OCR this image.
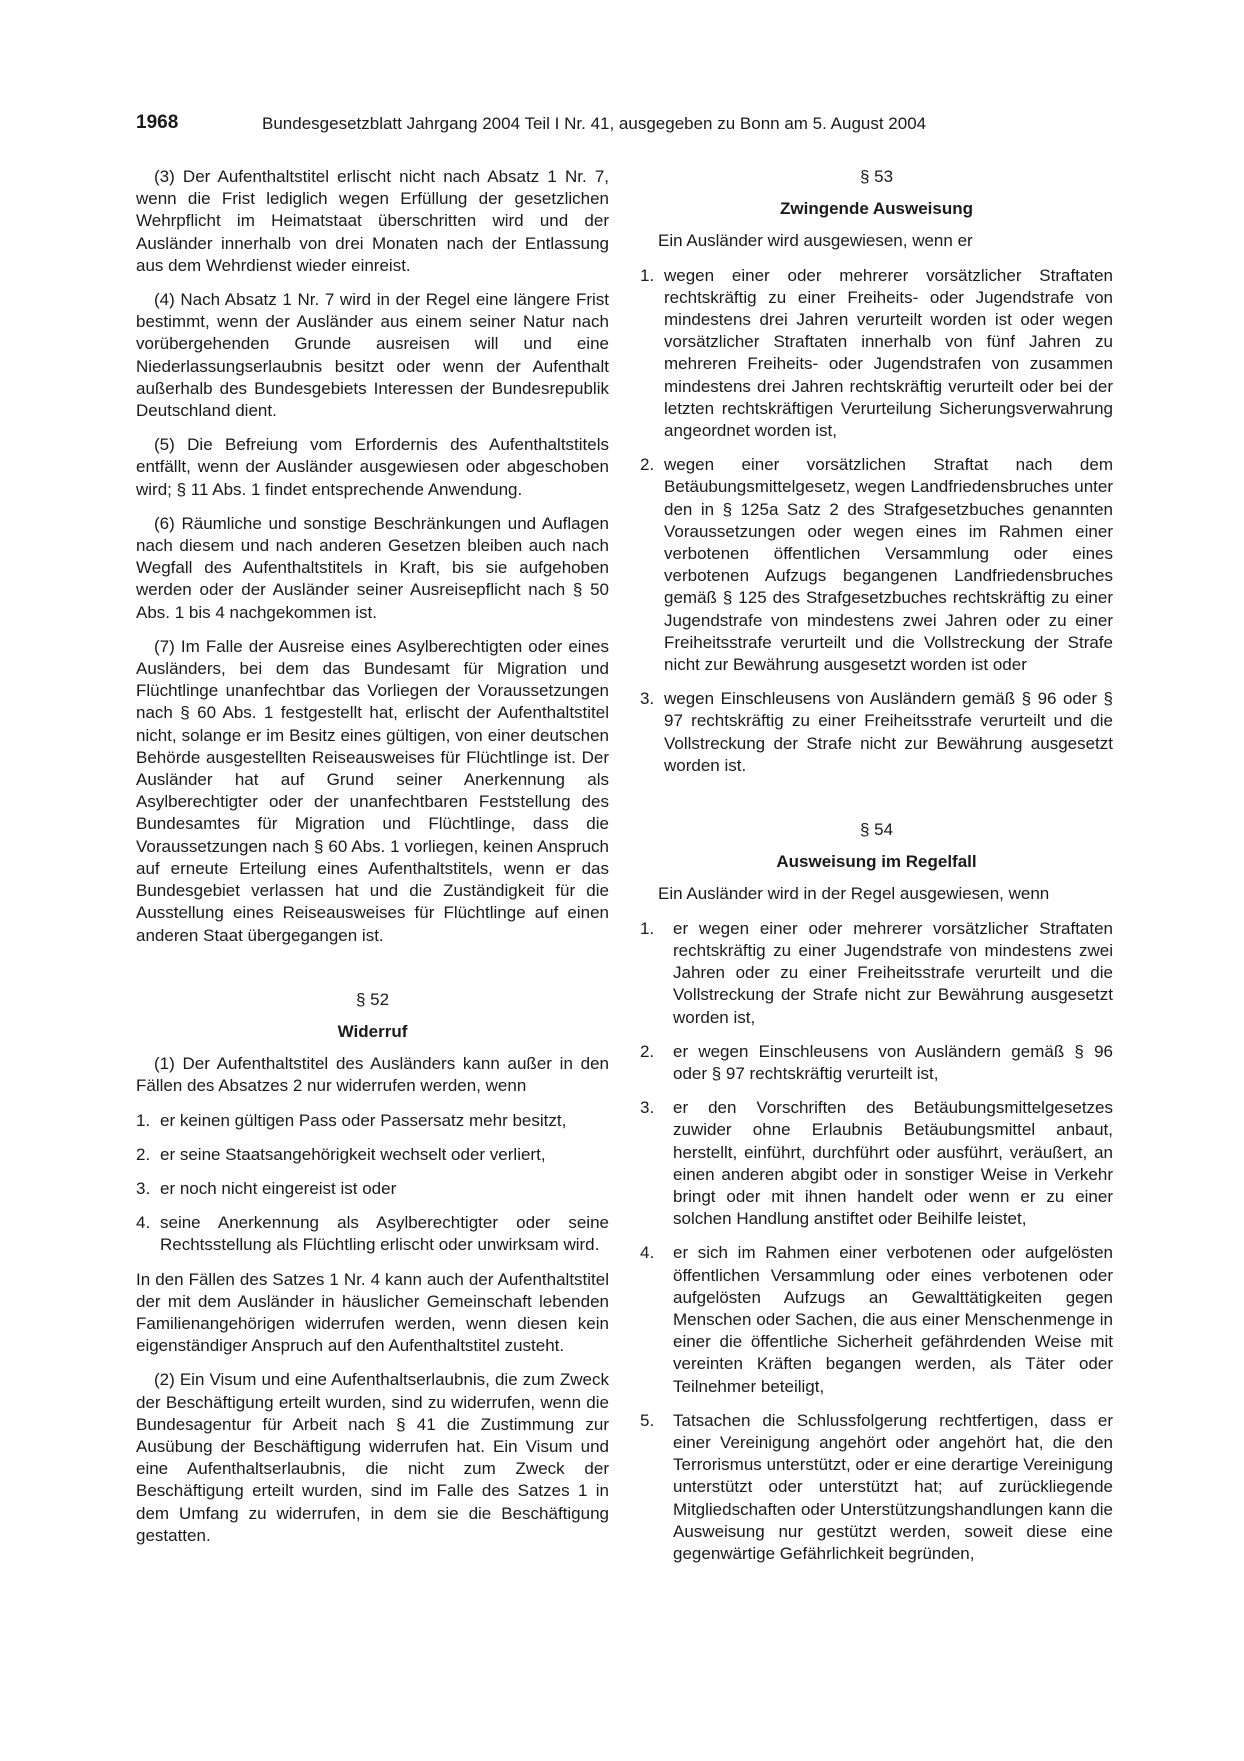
1968	Bundesgesetzblatt Jahrgang 2004 Teil I Nr. 41, ausgegeben zu Bonn am 5. August 2004

(3) Der Aufenthaltstitel erlischt nicht nach Absatz 1 Nr. 7, wenn die Frist lediglich wegen Erfüllung der gesetzlichen Wehrpflicht im Heimatstaat überschritten wird und der Ausländer innerhalb von drei Monaten nach der Entlassung aus dem Wehrdienst wieder einreist.

(4) Nach Absatz 1 Nr. 7 wird in der Regel eine längere Frist bestimmt, wenn der Ausländer aus einem seiner Natur nach vorübergehenden Grunde ausreisen will und eine Niederlassungserlaubnis besitzt oder wenn der Aufenthalt außerhalb des Bundesgebiets Interessen der Bundesrepublik Deutschland dient.

(5) Die Befreiung vom Erfordernis des Aufenthaltstitels entfällt, wenn der Ausländer ausgewiesen oder abgeschoben wird; § 11 Abs. 1 findet entsprechende Anwendung.

(6) Räumliche und sonstige Beschränkungen und Auflagen nach diesem und nach anderen Gesetzen bleiben auch nach Wegfall des Aufenthaltstitels in Kraft, bis sie aufgehoben werden oder der Ausländer seiner Ausreisepflicht nach § 50 Abs. 1 bis 4 nachgekommen ist.

(7) Im Falle der Ausreise eines Asylberechtigten oder eines Ausländers, bei dem das Bundesamt für Migration und Flüchtlinge unanfechtbar das Vorliegen der Voraussetzungen nach § 60 Abs. 1 festgestellt hat, erlischt der Aufenthaltstitel nicht, solange er im Besitz eines gültigen, von einer deutschen Behörde ausgestellten Reiseausweises für Flüchtlinge ist. Der Ausländer hat auf Grund seiner Anerkennung als Asylberechtigter oder der unanfechtbaren Feststellung des Bundesamtes für Migration und Flüchtlinge, dass die Voraussetzungen nach § 60 Abs. 1 vorliegen, keinen Anspruch auf erneute Erteilung eines Aufenthaltstitels, wenn er das Bundesgebiet verlassen hat und die Zuständigkeit für die Ausstellung eines Reiseausweises für Flüchtlinge auf einen anderen Staat übergegangen ist.

§ 52
Widerruf

(1) Der Aufenthaltstitel des Ausländers kann außer in den Fällen des Absatzes 2 nur widerrufen werden, wenn

1. er keinen gültigen Pass oder Passersatz mehr besitzt,
2. er seine Staatsangehörigkeit wechselt oder verliert,
3. er noch nicht eingereist ist oder
4. seine Anerkennung als Asylberechtigter oder seine Rechtsstellung als Flüchtling erlischt oder unwirksam wird.

In den Fällen des Satzes 1 Nr. 4 kann auch der Aufenthaltstitel der mit dem Ausländer in häuslicher Gemeinschaft lebenden Familienangehörigen widerrufen werden, wenn diesen kein eigenständiger Anspruch auf den Aufenthaltstitel zusteht.

(2) Ein Visum und eine Aufenthaltserlaubnis, die zum Zweck der Beschäftigung erteilt wurden, sind zu widerrufen, wenn die Bundesagentur für Arbeit nach § 41 die Zustimmung zur Ausübung der Beschäftigung widerrufen hat. Ein Visum und eine Aufenthaltserlaubnis, die nicht zum Zweck der Beschäftigung erteilt wurden, sind im Falle des Satzes 1 in dem Umfang zu widerrufen, in dem sie die Beschäftigung gestatten.

§ 53
Zwingende Ausweisung

Ein Ausländer wird ausgewiesen, wenn er

1. wegen einer oder mehrerer vorsätzlicher Straftaten rechtskräftig zu einer Freiheits- oder Jugendstrafe von mindestens drei Jahren verurteilt worden ist oder wegen vorsätzlicher Straftaten innerhalb von fünf Jahren zu mehreren Freiheits- oder Jugendstrafen von zusammen mindestens drei Jahren rechtskräftig verurteilt oder bei der letzten rechtskräftigen Verurteilung Sicherungsverwahrung angeordnet worden ist,
2. wegen einer vorsätzlichen Straftat nach dem Betäubungsmittelgesetz, wegen Landfriedensbruches unter den in § 125a Satz 2 des Strafgesetzbuches genannten Voraussetzungen oder wegen eines im Rahmen einer verbotenen öffentlichen Versammlung oder eines verbotenen Aufzugs begangenen Landfriedensbruches gemäß § 125 des Strafgesetzbuches rechtskräftig zu einer Jugendstrafe von mindestens zwei Jahren oder zu einer Freiheitsstrafe verurteilt und die Vollstreckung der Strafe nicht zur Bewährung ausgesetzt worden ist oder
3. wegen Einschleusens von Ausländern gemäß § 96 oder § 97 rechtskräftig zu einer Freiheitsstrafe verurteilt und die Vollstreckung der Strafe nicht zur Bewährung ausgesetzt worden ist.
§ 54
Ausweisung im Regelfall

Ein Ausländer wird in der Regel ausgewiesen, wenn

1. er wegen einer oder mehrerer vorsätzlicher Straftaten rechtskräftig zu einer Jugendstrafe von mindestens zwei Jahren oder zu einer Freiheitsstrafe verurteilt und die Vollstreckung der Strafe nicht zur Bewährung ausgesetzt worden ist,
2. er wegen Einschleusens von Ausländern gemäß § 96 oder § 97 rechtskräftig verurteilt ist,
3. er den Vorschriften des Betäubungsmittelgesetzes zuwider ohne Erlaubnis Betäubungsmittel anbaut, herstellt, einführt, durchführt oder ausführt, veräußert, an einen anderen abgibt oder in sonstiger Weise in Verkehr bringt oder mit ihnen handelt oder wenn er zu einer solchen Handlung anstiftet oder Beihilfe leistet,
4. er sich im Rahmen einer verbotenen oder aufgelösten öffentlichen Versammlung oder eines verbotenen oder aufgelösten Aufzugs an Gewalttätigkeiten gegen Menschen oder Sachen, die aus einer Menschenmenge in einer die öffentliche Sicherheit gefährdenden Weise mit vereinten Kräften begangen werden, als Täter oder Teilnehmer beteiligt,
5. Tatsachen die Schlussfolgerung rechtfertigen, dass er einer Vereinigung angehört oder angehört hat, die den Terrorismus unterstützt, oder er eine derartige Vereinigung unterstützt oder unterstützt hat; auf zurückliegende Mitgliedschaften oder Unterstützungshandlungen kann die Ausweisung nur gestützt werden, soweit diese eine gegenwärtige Gefährlichkeit begründen,
